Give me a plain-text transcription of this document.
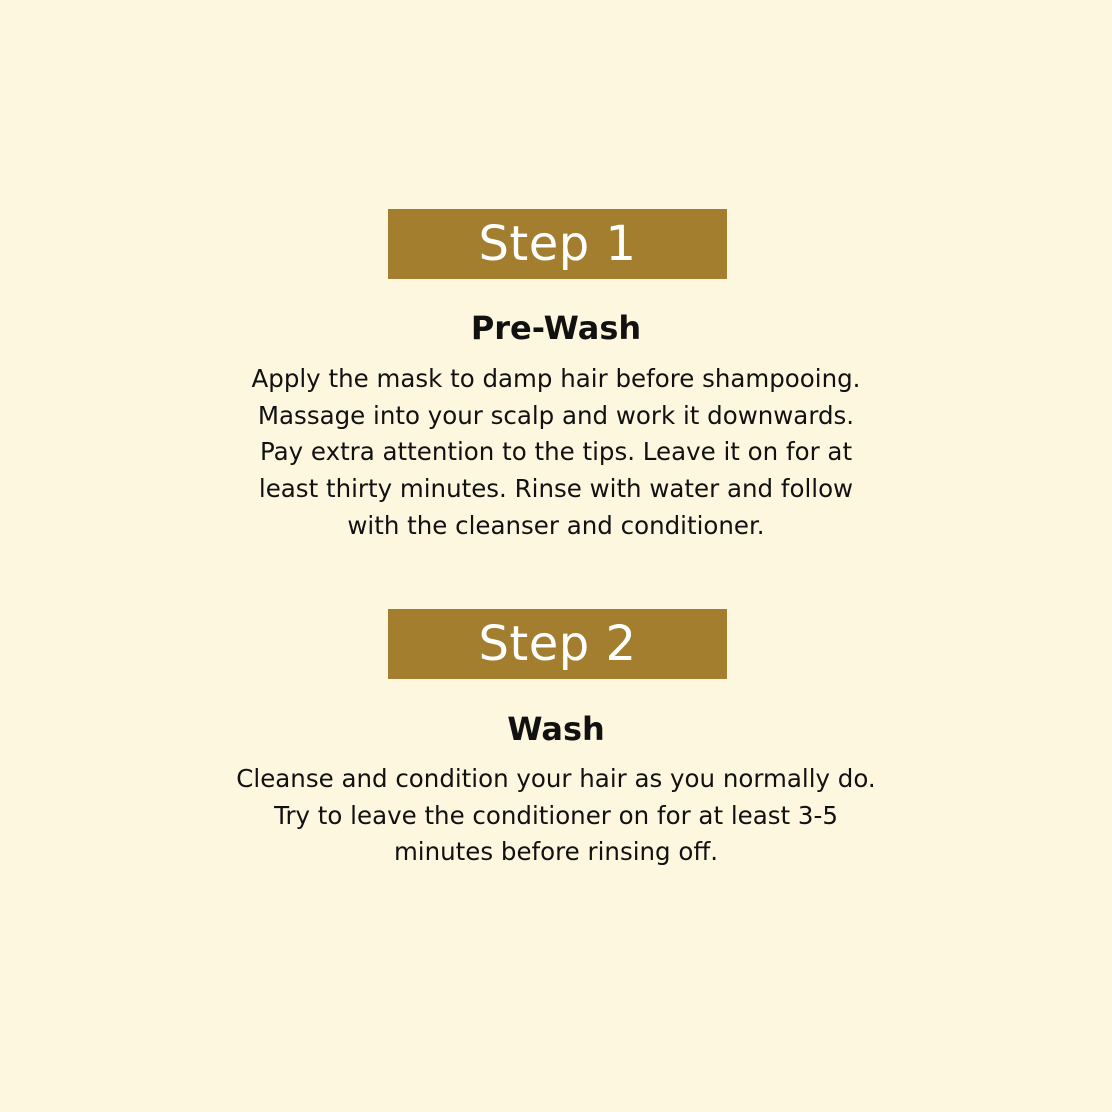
Step 1
Pre-Wash

Apply the mask to damp hair before shampooing.
Massage into your scalp and work it downwards.
Pay extra attention to the tips. Leave it on for at
least thirty minutes. Rinse with water and follow
with the cleanser and conditioner.

Step 2
Wash

Cleanse and condition your hair as you normally do.
Try to leave the conditioner on for at least 3-5
minutes before rinsing off.
